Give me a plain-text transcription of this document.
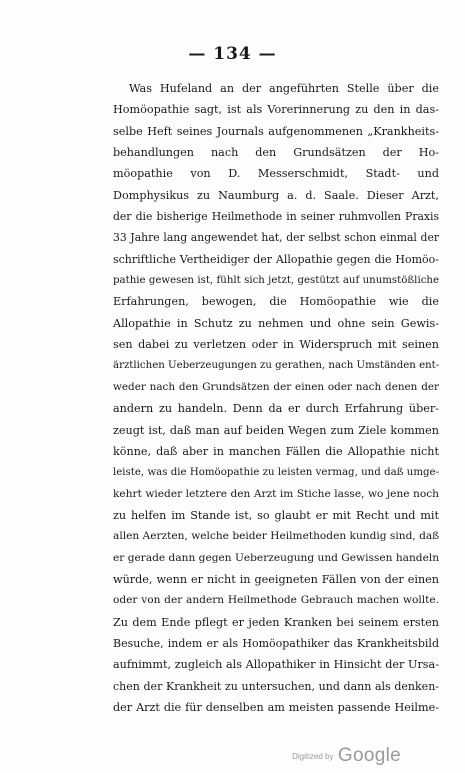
— 134 —
Was Hufeland an der angeführten Stelle über die
Homöopathie sagt, ist als Vorerinnerung zu den in das-
selbe Heft seines Journals aufgenommenen „Krankheits-
behandlungen nach den Grundsätzen der Ho-
möopathie von D. Messerschmidt, Stadt- und
Domphysikus zu Naumburg a. d. Saale. Dieser Arzt,
der die bisherige Heilmethode in seiner ruhmvollen Praxis
33 Jahre lang angewendet hat, der selbst schon einmal der
schriftliche Vertheidiger der Allopathie gegen die Homöo-
pathie gewesen ist, fühlt sich jetzt, gestützt auf unumstößliche
Erfahrungen, bewogen, die Homöopathie wie die
Allopathie in Schutz zu nehmen und ohne sein Gewis-
sen dabei zu verletzen oder in Widerspruch mit seinen
ärztlichen Ueberzeugungen zu gerathen, nach Umständen ent-
weder nach den Grundsätzen der einen oder nach denen der
andern zu handeln. Denn da er durch Erfahrung über-
zeugt ist, daß man auf beiden Wegen zum Ziele kommen
könne, daß aber in manchen Fällen die Allopathie nicht
leiste, was die Homöopathie zu leisten vermag, und daß umge-
kehrt wieder letztere den Arzt im Stiche lasse, wo jene noch
zu helfen im Stande ist, so glaubt er mit Recht und mit
allen Aerzten, welche beider Heilmethoden kundig sind, daß
er gerade dann gegen Ueberzeugung und Gewissen handeln
würde, wenn er nicht in geeigneten Fällen von der einen
oder von der andern Heilmethode Gebrauch machen wollte.
Zu dem Ende pflegt er jeden Kranken bei seinem ersten
Besuche, indem er als Homöopathiker das Krankheitsbild
aufnimmt, zugleich als Allopathiker in Hinsicht der Ursa-
chen der Krankheit zu untersuchen, und dann als denken-
der Arzt die für denselben am meisten passende Heilme-
Digitized by Google
